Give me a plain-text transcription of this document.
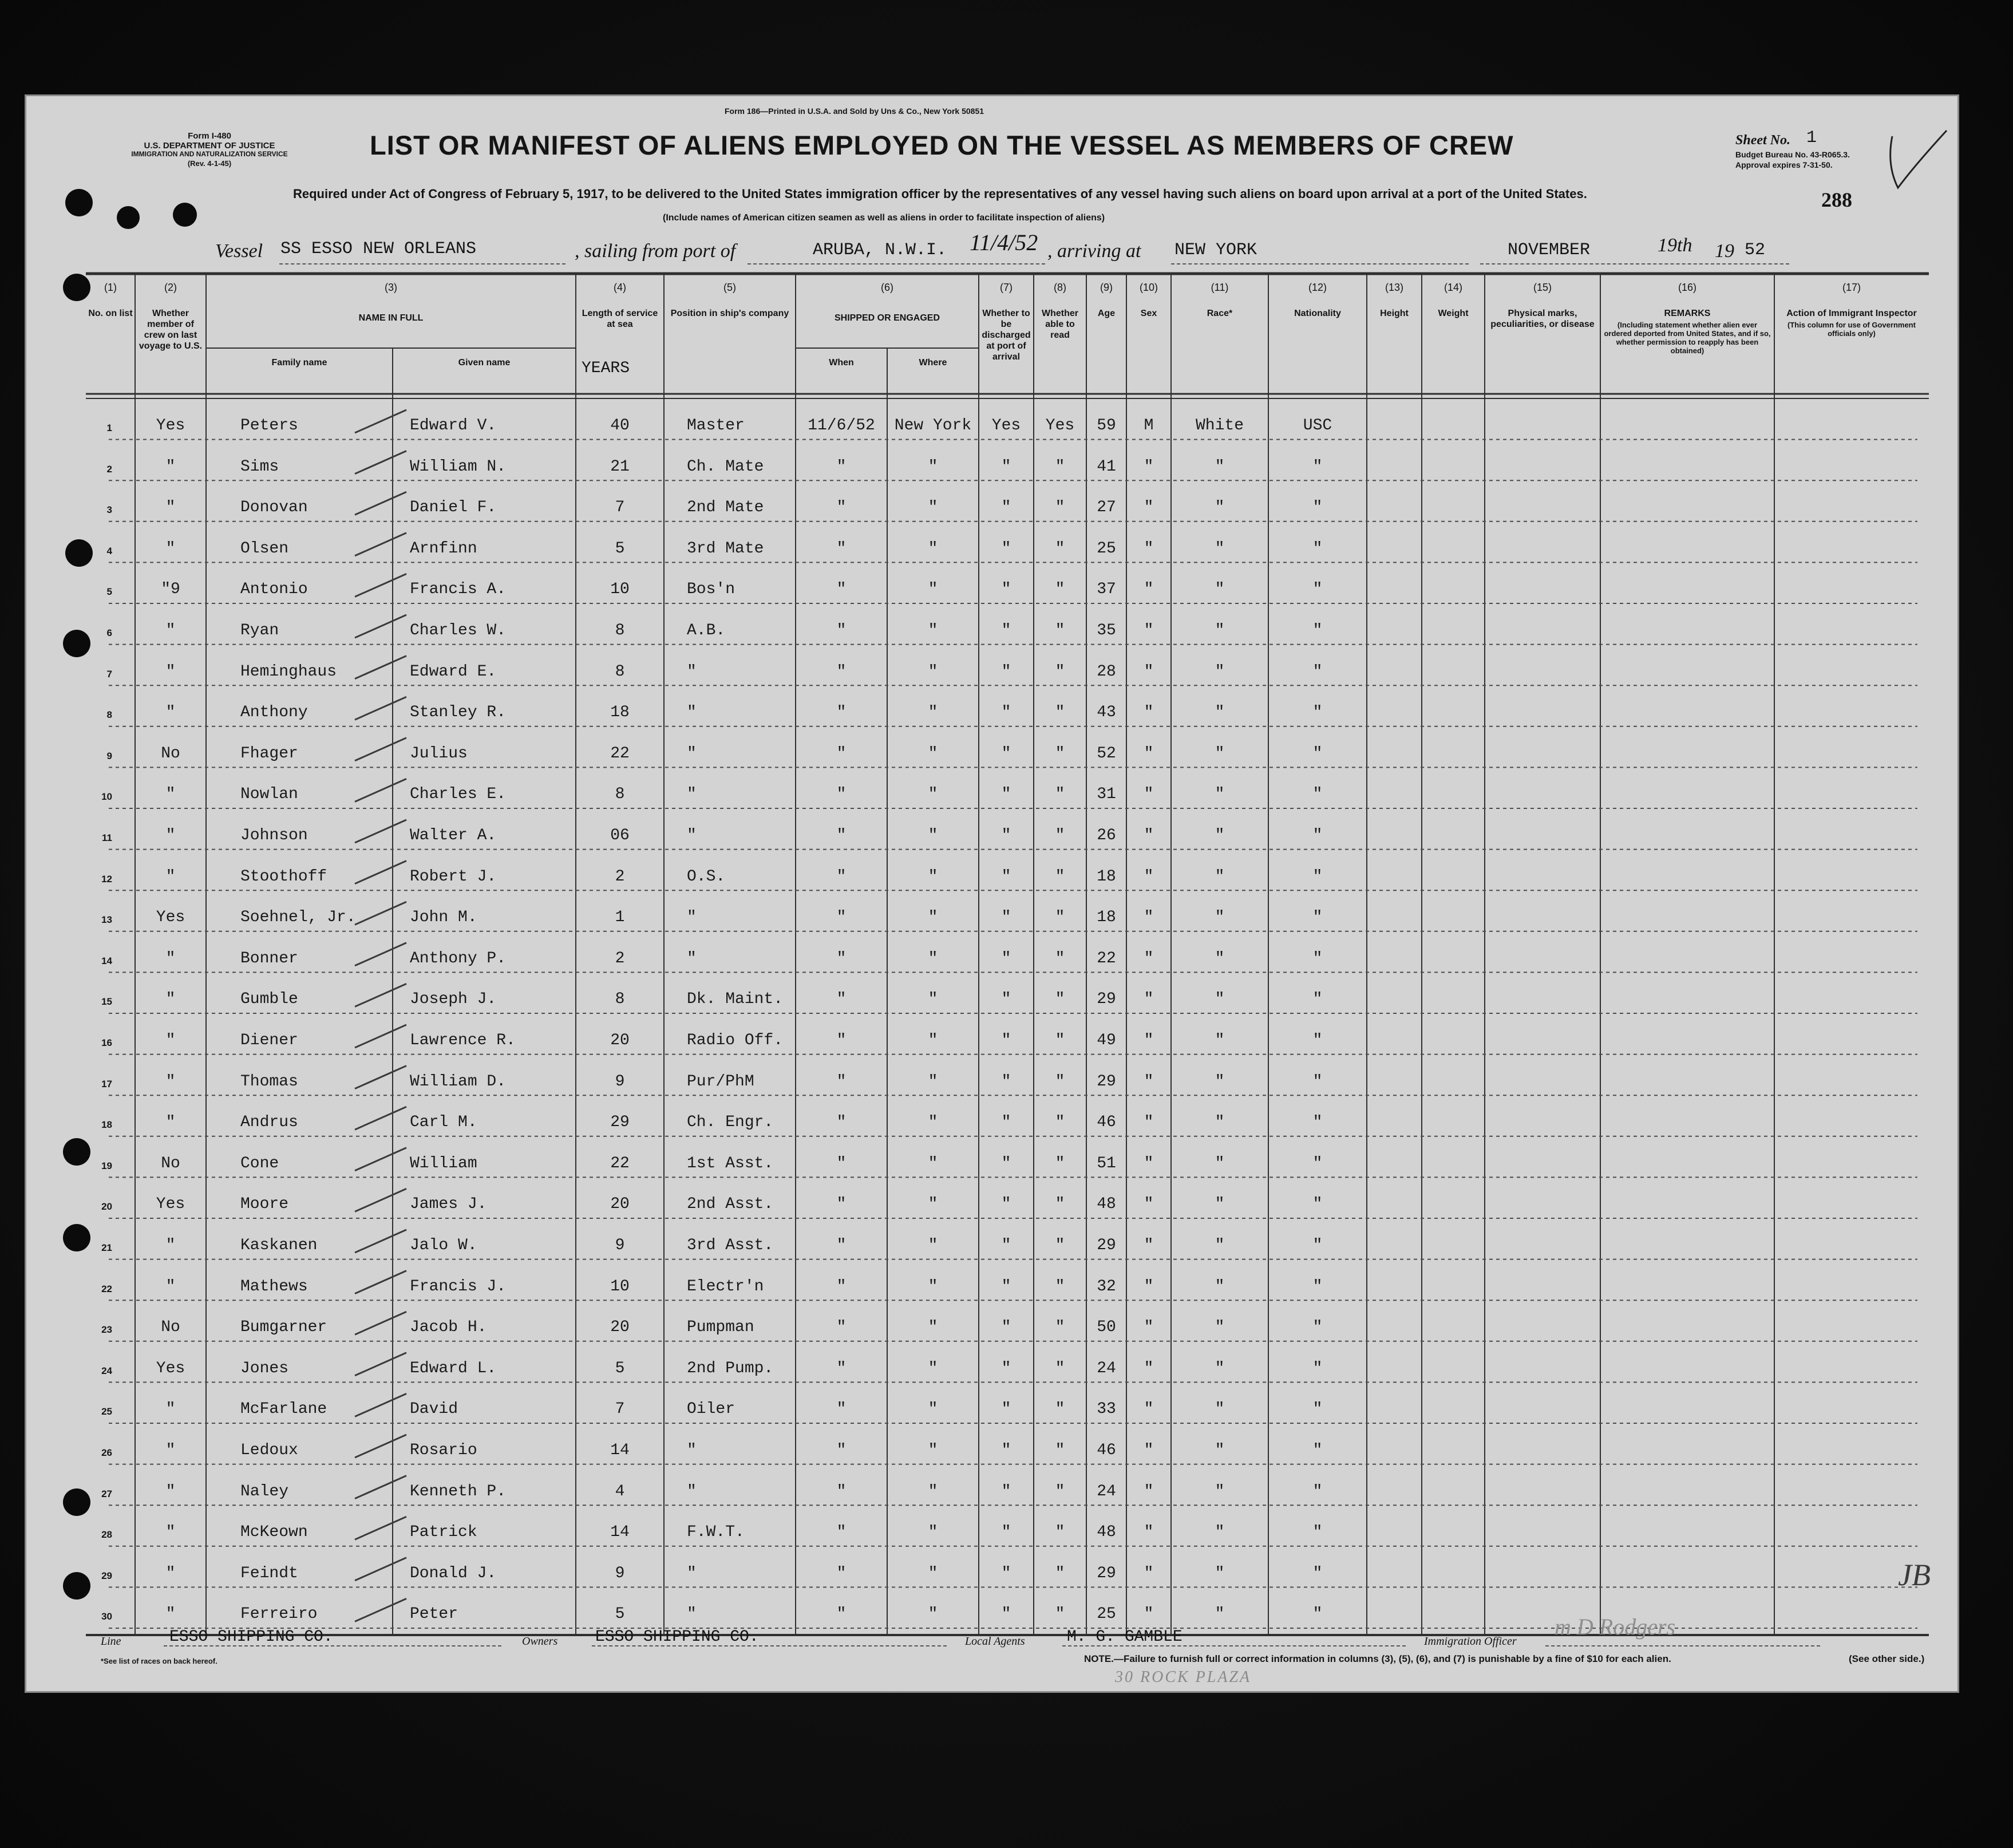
Form I-480
U.S. DEPARTMENT OF JUSTICE
IMMIGRATION AND NATURALIZATION SERVICE
(Rev. 4-1-45)
Form 186—Printed in U.S.A. and Sold by Uns & Co., New York 50851
LIST OR MANIFEST OF ALIENS EMPLOYED ON THE VESSEL AS MEMBERS OF CREW
Required under Act of Congress of February 5, 1917, to be delivered to the United States immigration officer by the representatives of any vessel having such aliens on board upon arrival at a port of the United States.
(Include names of American citizen seamen as well as aliens in order to facilitate inspection of aliens)
Sheet No. 1
Budget Bureau No. 43-R065.3.
Approval expires 7-31-50.
288
Vessel SS ESSO NEW ORLEANS	, sailing from port of	ARUBA, N.W.I. 11/4/52 , arriving at NEW YORK	NOVEMBER	19th 19 52
(1)
No. on list
(2)
Whether member of crew on last voyage to U.S.
(3)
NAME IN FULL
Family name	Given name
(4)
Length of service at sea
YEARS
(5)
Position in ship's company
(6)
SHIPPED OR ENGAGED
When	Where
(7)
Whether to be discharged at port of arrival
(8)
Whether able to read
(9)
Age
(10)
Sex
(11)
Race*
(12)
Nationality
(13)
Height
(14)
Weight
(15)
Physical marks, peculiarities, or disease
(16)
REMARKS
(Including statement whether alien ever ordered deported from United States, and if so, whether permission to reapply has been obtained)
(17)
Action of Immigrant Inspector
(This column for use of Government officials only)
1	Yes	Peters	Edward V.	40	Master	11/6/52	New York	Yes	Yes	59	M	White	USC
2	"	Sims	William N.	21	Ch. Mate	"	"	"	"	41	"	"	"
3	"	Donovan	Daniel F.	7	2nd Mate	"	"	"	"	27	"	"	"
4	"	Olsen	Arnfinn	5	3rd Mate	"	"	"	"	25	"	"	"
5	"9	Antonio	Francis A.	10	Bos'n	"	"	"	"	37	"	"	"
6	"	Ryan	Charles W.	8	A.B.	"	"	"	"	35	"	"	"
7	"	Heminghaus	Edward E.	8	"	"	"	"	"	28	"	"	"
8	"	Anthony	Stanley R.	18	"	"	"	"	"	43	"	"	"
9	No	Fhager	Julius	22	"	"	"	"	"	52	"	"	"
10	"	Nowlan	Charles E.	8	"	"	"	"	"	31	"	"	"
11	"	Johnson	Walter A.	06	"	"	"	"	"	26	"	"	"
12	"	Stoothoff	Robert J.	2	O.S.	"	"	"	"	18	"	"	"
13	Yes	Soehnel, Jr.	John M.	1	"	"	"	"	"	18	"	"	"
14	"	Bonner	Anthony P.	2	"	"	"	"	"	22	"	"	"
15	"	Gumble	Joseph J.	8	Dk. Maint.	"	"	"	"	29	"	"	"
16	"	Diener	Lawrence R.	20	Radio Off.	"	"	"	"	49	"	"	"
17	"	Thomas	William D.	9	Pur/PhM	"	"	"	"	29	"	"	"
18	"	Andrus	Carl M.	29	Ch. Engr.	"	"	"	"	46	"	"	"
19	No	Cone	William	22	1st Asst.	"	"	"	"	51	"	"	"
20	Yes	Moore	James J.	20	2nd Asst.	"	"	"	"	48	"	"	"
21	"	Kaskanen	Jalo W.	9	3rd Asst.	"	"	"	"	29	"	"	"
22	"	Mathews	Francis J.	10	Electr'n	"	"	"	"	32	"	"	"
23	No	Bumgarner	Jacob H.	20	Pumpman	"	"	"	"	50	"	"	"
24	Yes	Jones	Edward L.	5	2nd Pump.	"	"	"	"	24	"	"	"
25	"	McFarlane	David	7	Oiler	"	"	"	"	33	"	"	"
26	"	Ledoux	Rosario	14	"	"	"	"	"	46	"	"	"
27	"	Naley	Kenneth P.	4	"	"	"	"	"	24	"	"	"
28	"	McKeown	Patrick	14	F.W.T.	"	"	"	"	48	"	"	"
29	"	Feindt	Donald J.	9	"	"	"	"	"	29	"	"	"
30	"	Ferreiro	Peter	5	"	"	"	"	"	25	"	"	"
Line	ESSO SHIPPING CO.	Owners ESSO SHIPPING CO.	Local Agents	M. G. GAMBLE	Immigration Officer
m D Rodgers
*See list of races on back hereof.	NOTE.—Failure to furnish full or correct information in columns (3), (5), (6), and (7) is punishable by a fine of $10 for each alien.	(See other side.)
30 ROCK PLAZA
JB
